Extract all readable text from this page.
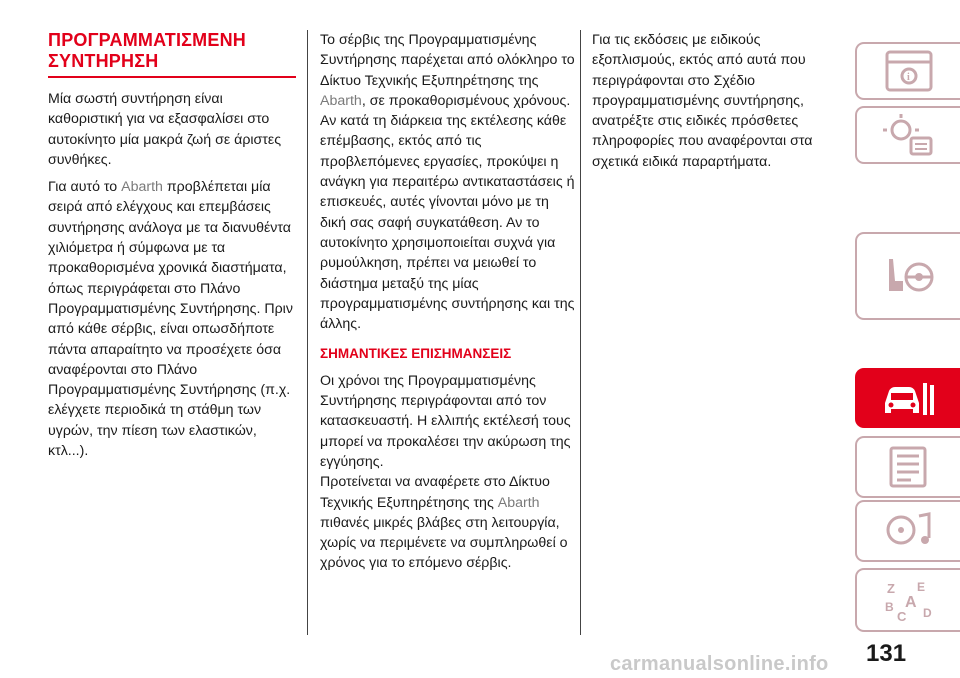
ΠΡΟΓΡΑΜΜΑΤΙΣΜΕΝΗ ΣΥΝΤΗΡΗΣΗ

Μία σωστή συντήρηση είναι καθοριστική για να εξασφαλίσει στο αυτοκίνητο μία μακρά ζωή σε άριστες συνθήκες.

Για αυτό το Abarth προβλέπεται μία σειρά από ελέγχους και επεμβάσεις συντήρησης ανάλογα με τα διανυθέντα χιλιόμετρα ή σύμφωνα με τα προκαθορισμένα χρονικά διαστήματα, όπως περιγράφεται στο Πλάνο Προγραμματισμένης Συντήρησης. Πριν από κάθε σέρβις, είναι οπωσδήποτε πάντα απαραίτητο να προσέχετε όσα αναφέρονται στο Πλάνο Προγραμματισμένης Συντήρησης (π.χ. ελέγχετε περιοδικά τη στάθμη των υγρών, την πίεση των ελαστικών, κτλ...).

Το σέρβις της Προγραμματισμένης Συντήρησης παρέχεται από ολόκληρο το Δίκτυο Τεχνικής Εξυπηρέτησης της Abarth, σε προκαθορισμένους χρόνους. Αν κατά τη διάρκεια της εκτέλεσης κάθε επέμβασης, εκτός από τις προβλεπόμενες εργασίες, προκύψει η ανάγκη για περαιτέρω αντικαταστάσεις ή επισκευές, αυτές γίνονται μόνο με τη δική σας σαφή συγκατάθεση. Αν το αυτοκίνητο χρησιμοποιείται συχνά για ρυμούλκηση, πρέπει να μειωθεί το διάστημα μεταξύ της μίας προγραμματισμένης συντήρησης και της άλλης.

ΣΗΜΑΝΤΙΚΕΣ ΕΠΙΣΗΜΑΝΣΕΙΣ

Οι χρόνοι της Προγραμματισμένης Συντήρησης περιγράφονται από τον κατασκευαστή. Η ελλιπής εκτέλεσή τους μπορεί να προκαλέσει την ακύρωση της εγγύησης.

Προτείνεται να αναφέρετε στο Δίκτυο Τεχνικής Εξυπηρέτησης της Abarth πιθανές μικρές βλάβες στη λειτουργία, χωρίς να περιμένετε να συμπληρωθεί ο χρόνος για το επόμενο σέρβις.

Για τις εκδόσεις με ειδικούς εξοπλισμούς, εκτός από αυτά που περιγράφονται στο Σχέδιο προγραμματισμένης συντήρησης, ανατρέξτε στις ειδικές πρόσθετες πληροφορίες που αναφέρονται στα σχετικά ειδικά παραρτήματα.

i
Z E
A
B
C D
131
carmanualsonline.info
